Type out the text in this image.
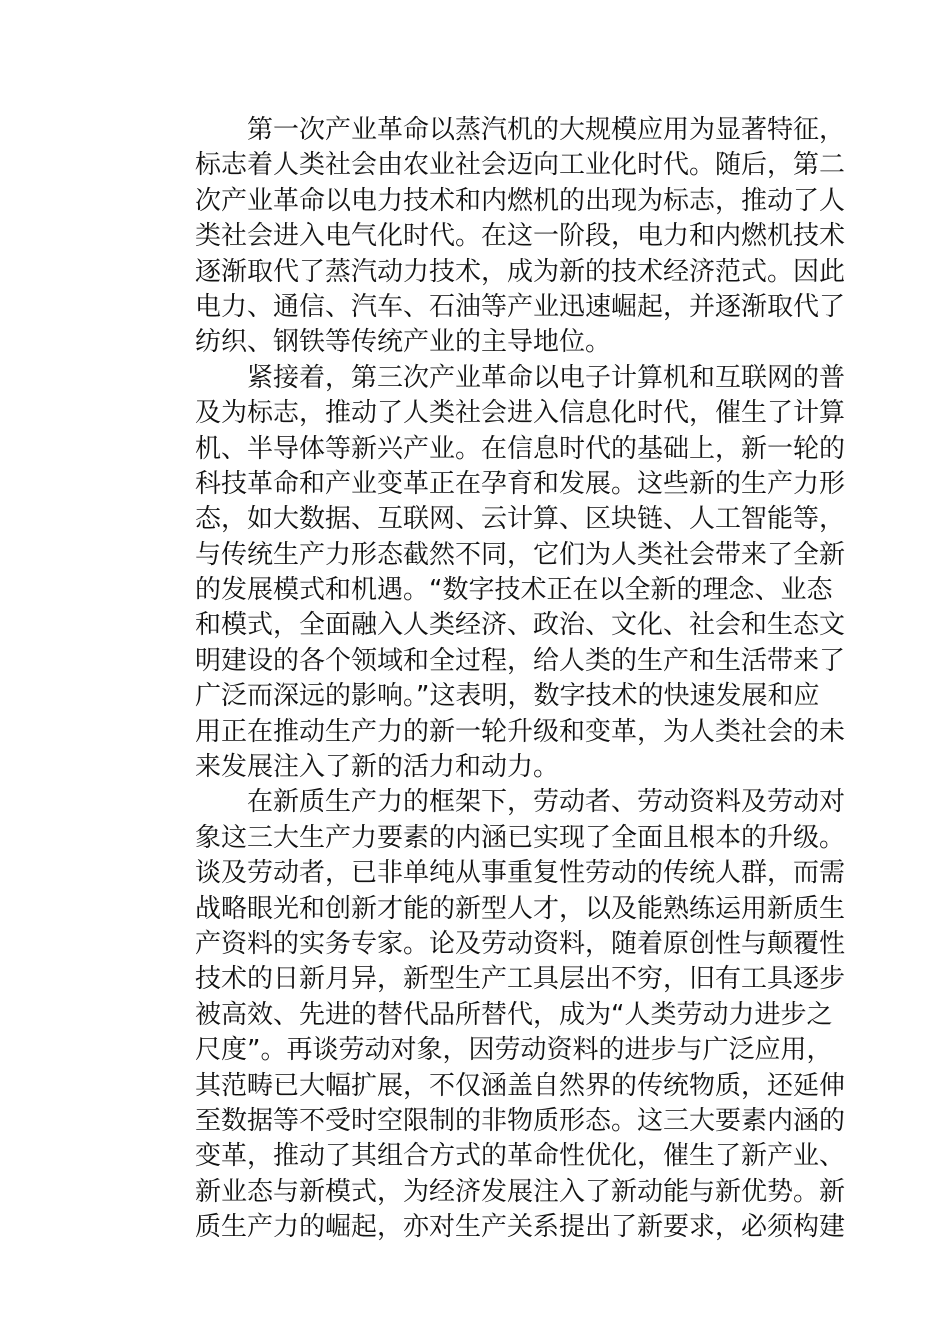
第一次产业革命以蒸汽机的大规模应用为显著特征，
标志着人类社会由农业社会迈向工业化时代。随后，第二
次产业革命以电力技术和内燃机的出现为标志，推动了人
类社会进入电气化时代。在这一阶段，电力和内燃机技术
逐渐取代了蒸汽动力技术，成为新的技术经济范式。因此
电力、通信、汽车、石油等产业迅速崛起，并逐渐取代了
纺织、钢铁等传统产业的主导地位。
紧接着，第三次产业革命以电子计算机和互联网的普
及为标志，推动了人类社会进入信息化时代，催生了计算
机、半导体等新兴产业。在信息时代的基础上，新一轮的
科技革命和产业变革正在孕育和发展。这些新的生产力形
态，如大数据、互联网、云计算、区块链、人工智能等，
与传统生产力形态截然不同，它们为人类社会带来了全新
的发展模式和机遇。“数字技术正在以全新的理念、业态
和模式，全面融入人类经济、政治、文化、社会和生态文
明建设的各个领域和全过程，给人类的生产和生活带来了
广泛而深远的影响。”这表明，数字技术的快速发展和应
用正在推动生产力的新一轮升级和变革，为人类社会的未
来发展注入了新的活力和动力。
在新质生产力的框架下，劳动者、劳动资料及劳动对
象这三大生产力要素的内涵已实现了全面且根本的升级。
谈及劳动者，已非单纯从事重复性劳动的传统人群，而需
战略眼光和创新才能的新型人才，以及能熟练运用新质生
产资料的实务专家。论及劳动资料，随着原创性与颠覆性
技术的日新月异，新型生产工具层出不穷，旧有工具逐步
被高效、先进的替代品所替代，成为“人类劳动力进步之
尺度”。再谈劳动对象，因劳动资料的进步与广泛应用，
其范畴已大幅扩展，不仅涵盖自然界的传统物质，还延伸
至数据等不受时空限制的非物质形态。这三大要素内涵的
变革，推动了其组合方式的革命性优化，催生了新产业、
新业态与新模式，为经济发展注入了新动能与新优势。新
质生产力的崛起，亦对生产关系提出了新要求，必须构建
